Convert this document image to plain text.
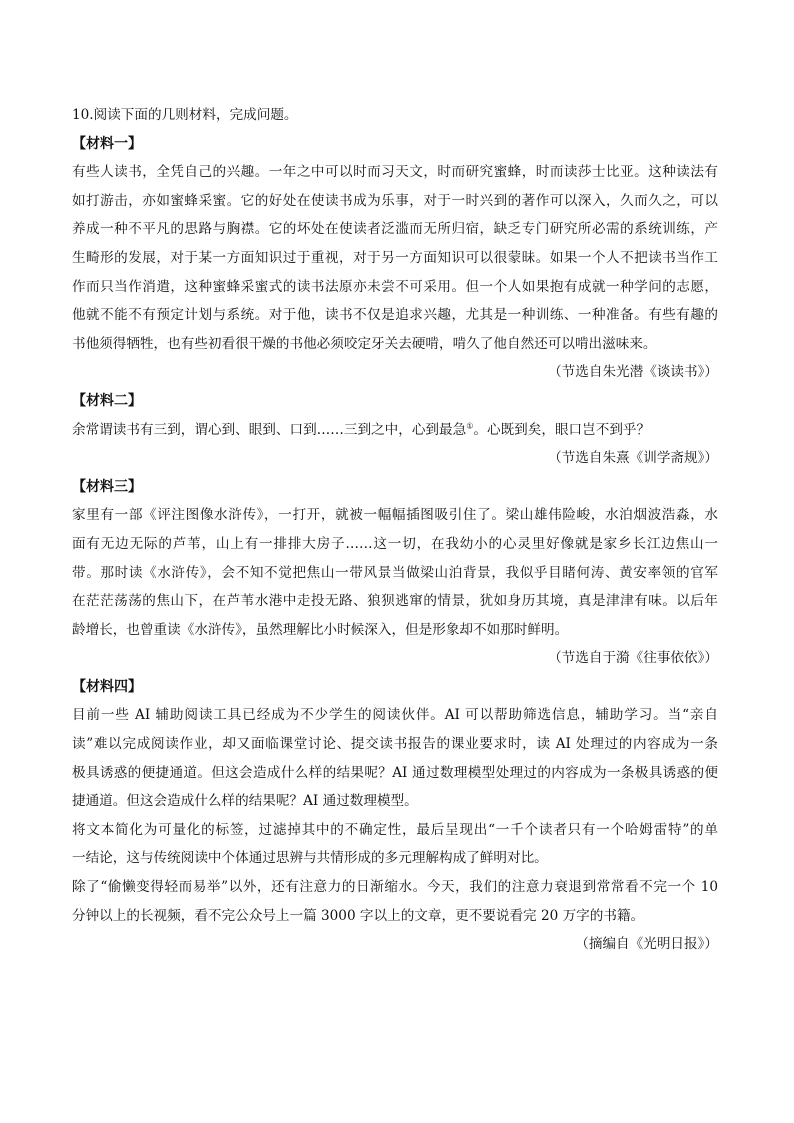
10.阅读下面的几则材料，完成问题。
【材料一】
有些人读书，全凭自己的兴趣。一年之中可以时而习天文，时而研究蜜蜂，时而读莎士比亚。这种读法有
如打游击，亦如蜜蜂采蜜。它的好处在使读书成为乐事，对于一时兴到的著作可以深入，久而久之，可以
养成一种不平凡的思路与胸襟。它的坏处在使读者泛滥而无所归宿，缺乏专门研究所必需的系统训练，产
生畸形的发展，对于某一方面知识过于重视，对于另一方面知识可以很蒙昧。如果一个人不把读书当作工
作而只当作消遣，这种蜜蜂采蜜式的读书法原亦未尝不可采用。但一个人如果抱有成就一种学问的志愿，
他就不能不有预定计划与系统。对于他，读书不仅是追求兴趣，尤其是一种训练、一种准备。有些有趣的
书他须得牺牲，也有些初看很干燥的书他必须咬定牙关去硬啃，啃久了他自然还可以啃出滋味来。
（节选自朱光潜《谈读书》）
【材料二】
余常谓读书有三到，谓心到、眼到、口到……三到之中，心到最急①。心既到矣，眼口岂不到乎？
（节选自朱熹《训学斋规》）
【材料三】
家里有一部《评注图像水浒传》，一打开，就被一幅幅插图吸引住了。梁山雄伟险峻，水泊烟波浩淼，水
面有无边无际的芦苇，山上有一排排大房子……这一切，在我幼小的心灵里好像就是家乡长江边焦山一
带。那时读《水浒传》，会不知不觉把焦山一带风景当做梁山泊背景，我似乎目睹何涛、黄安率领的官军
在茫茫荡荡的焦山下，在芦苇水港中走投无路、狼狈逃窜的情景，犹如身历其境，真是津津有味。以后年
龄增长，也曾重读《水浒传》，虽然理解比小时候深入，但是形象却不如那时鲜明。
（节选自于漪《往事依依》）
【材料四】
目前一些 AI 辅助阅读工具已经成为不少学生的阅读伙伴。AI 可以帮助筛选信息，辅助学习。当“亲自
读”难以完成阅读作业，却又面临课堂讨论、提交读书报告的课业要求时，读 AI 处理过的内容成为一条
极具诱惑的便捷通道。但这会造成什么样的结果呢？AI 通过数理模型处理过的内容成为一条极具诱惑的便
捷通道。但这会造成什么样的结果呢？AI 通过数理模型。
将文本简化为可量化的标签，过滤掉其中的不确定性，最后呈现出“一千个读者只有一个哈姆雷特”的单
一结论，这与传统阅读中个体通过思辨与共情形成的多元理解构成了鲜明对比。
除了“偷懒变得轻而易举”以外，还有注意力的日渐缩水。今天，我们的注意力衰退到常常看不完一个 10
分钟以上的长视频，看不完公众号上一篇 3000 字以上的文章，更不要说看完 20 万字的书籍。
（摘编自《光明日报》）
